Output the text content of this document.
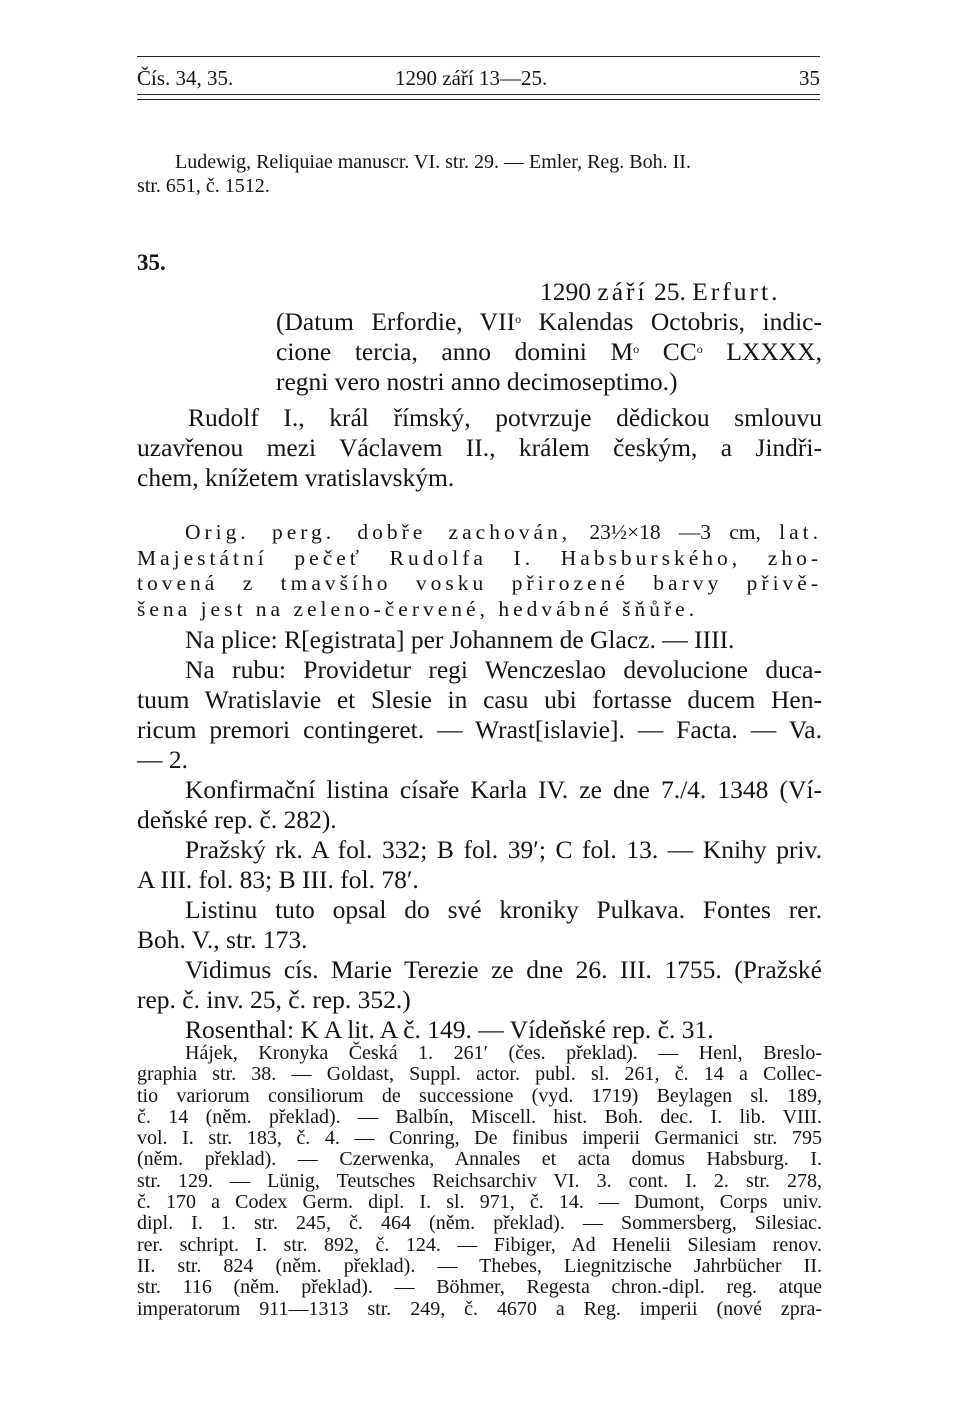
Čís. 34, 35.	1290 září 13—25.	35
Ludewig, Reliquiae manuscr. VI. str. 29. — Emler, Reg. Boh. II.
str. 651, č. 1512.
35.
1290 září 25. Erfurt.
(Datum Erfordie, VII$^o$ Kalendas Octobris, indic-
cione tercia, anno domini $M^o$ $CC^o$ LXXXX,
regni vero nostri anno decimoseptimo.)
Rudolf I., král římský, potvrzuje dědickou smlouvu
uzavřenou mezi Václavem II., králem českým, a Jindři-
chem, knížetem vratislavským.
Orig. perg. dobře zachován, 23½×18 —3 cm, lat.
Majestátní pečeť Rudolfa I. Habsburského, zho-
tovená z tmavšího vosku přirozené barvy přivě-
šena jest na zeleno-červené, hedvábné šňůře.
Na plice: R[egistrata] per Johannem de Glacz. — IIII.
Na rubu: Providetur regi Wenczeslao devolucione duca-
tuum Wratislavie et Slesie in casu ubi fortasse ducem Hen-
ricum premori contingeret. — Wrast[islavie]. — Facta. — Va.
— 2.
Konfirmační listina císaře Karla IV. ze dne 7./4. 1348 (Ví-
deňské rep. č. 282).
Pražský rk. A fol. 332; B fol. 39′; C fol. 13. — Knihy priv.
A III. fol. 83; B III. fol. 78′.
Listinu tuto opsal do své kroniky Pulkava. Fontes rer.
Boh. V., str. 173.
Vidimus cís. Marie Terezie ze dne 26. III. 1755. (Pražské
rep. č. inv. 25, č. rep. 352.)
Rosenthal: K A lit. A č. 149. — Vídeňské rep. č. 31.
Hájek, Kronyka Česká 1. 261′ (čes. překlad). — Henl, Breslo-
graphia str. 38. — Goldast, Suppl. actor. publ. sl. 261, č. 14 a Collec-
tio variorum consiliorum de successione (vyd. 1719) Beylagen sl. 189,
č. 14 (něm. překlad). — Balbín, Miscell. hist. Boh. dec. I. lib. VIII.
vol. I. str. 183, č. 4. — Conring, De finibus imperii Germanici str. 795
(něm. překlad). — Czerwenka, Annales et acta domus Habsburg. I.
str. 129. — Lünig, Teutsches Reichsarchiv VI. 3. cont. I. 2. str. 278,
č. 170 a Codex Germ. dipl. I. sl. 971, č. 14. — Dumont, Corps univ.
dipl. I. 1. str. 245, č. 464 (něm. překlad). — Sommersberg, Silesiac.
rer. schript. I. str. 892, č. 124. — Fibiger, Ad Henelii Silesiam renov.
II. str. 824 (něm. překlad). — Thebes, Liegnitzische Jahrbücher II.
str. 116 (něm. překlad). — Böhmer, Regesta chron.-dipl. reg. atque
imperatorum 911—1313 str. 249, č. 4670 a Reg. imperii (nové zpra-
